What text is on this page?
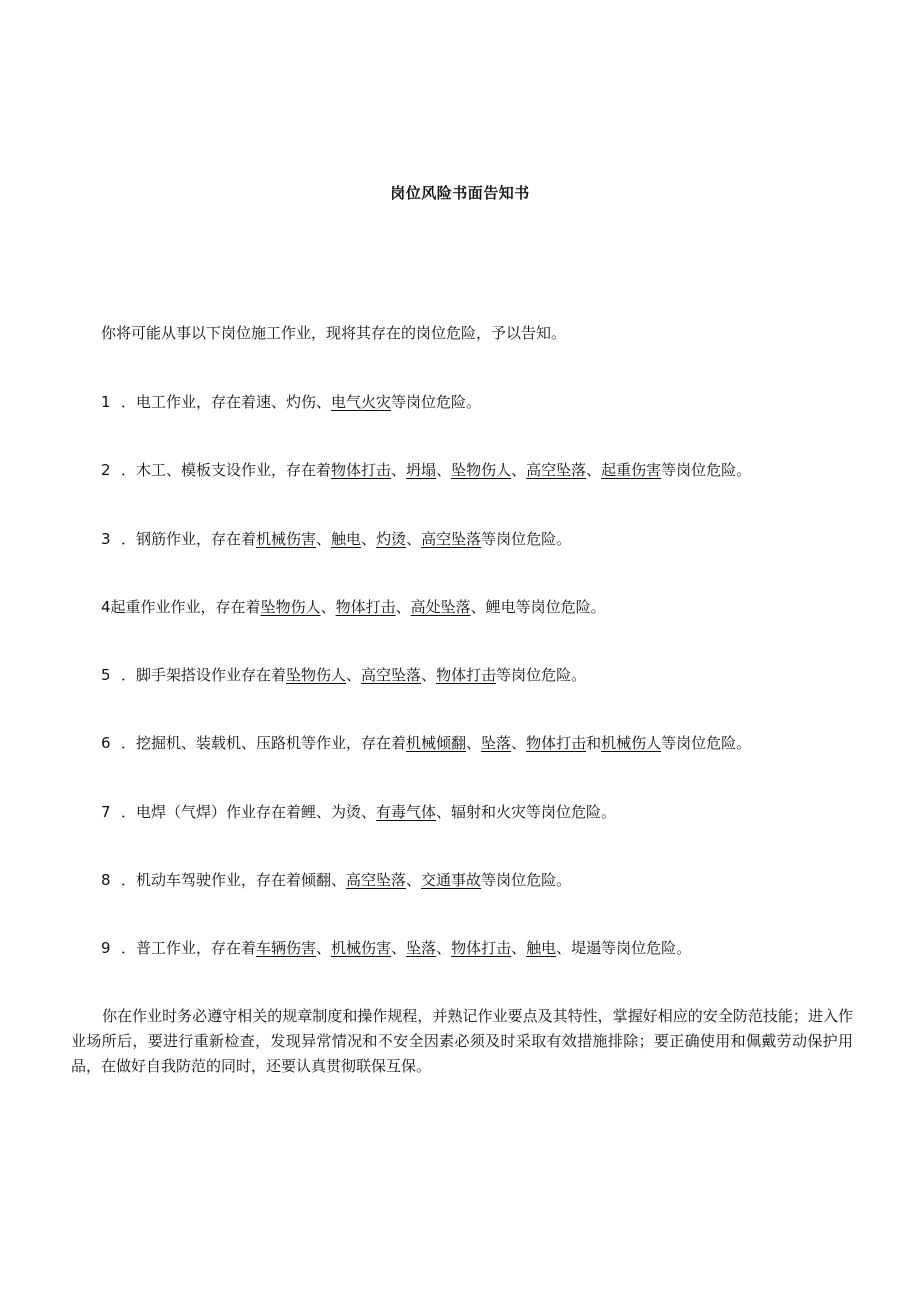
岗位风险书面告知书
你将可能从事以下岗位施工作业，现将其存在的岗位危险，予以告知。
1 ．电工作业，存在着速、灼伤、电气火灾等岗位危险。
2 ．木工、模板支设作业，存在着物体打击、坍塌、坠物伤人、高空坠落、起重伤害等岗位危险。
3 ．钢筋作业，存在着机械伤害、触电、灼烫、高空坠落等岗位危险。
4起重作业作业，存在着坠物伤人、物体打击、高处坠落、鲤电等岗位危险。
5 ．脚手架搭设作业存在着坠物伤人、高空坠落、物体打击等岗位危险。
6 ．挖掘机、装载机、压路机等作业，存在着机械倾翻、坠落、物体打击和机械伤人等岗位危险。
7 ．电焊（气焊）作业存在着鲤、为烫、有毒气体、辐射和火灾等岗位危险。
8 ．机动车驾驶作业，存在着倾翻、高空坠落、交通事故等岗位危险。
9 ．普工作业，存在着车辆伤害、机械伤害、坠落、物体打击、触电、堤遢等岗位危险。
你在作业时务必遵守相关的规章制度和操作规程，并熟记作业要点及其特性，掌握好相应的安全防范技能；进入作业场所后，要进行重新检查，发现异常情况和不安全因素必须及时采取有效措施排除；要正确使用和佩戴劳动保护用品，在做好自我防范的同时，还要认真贯彻联保互保。
